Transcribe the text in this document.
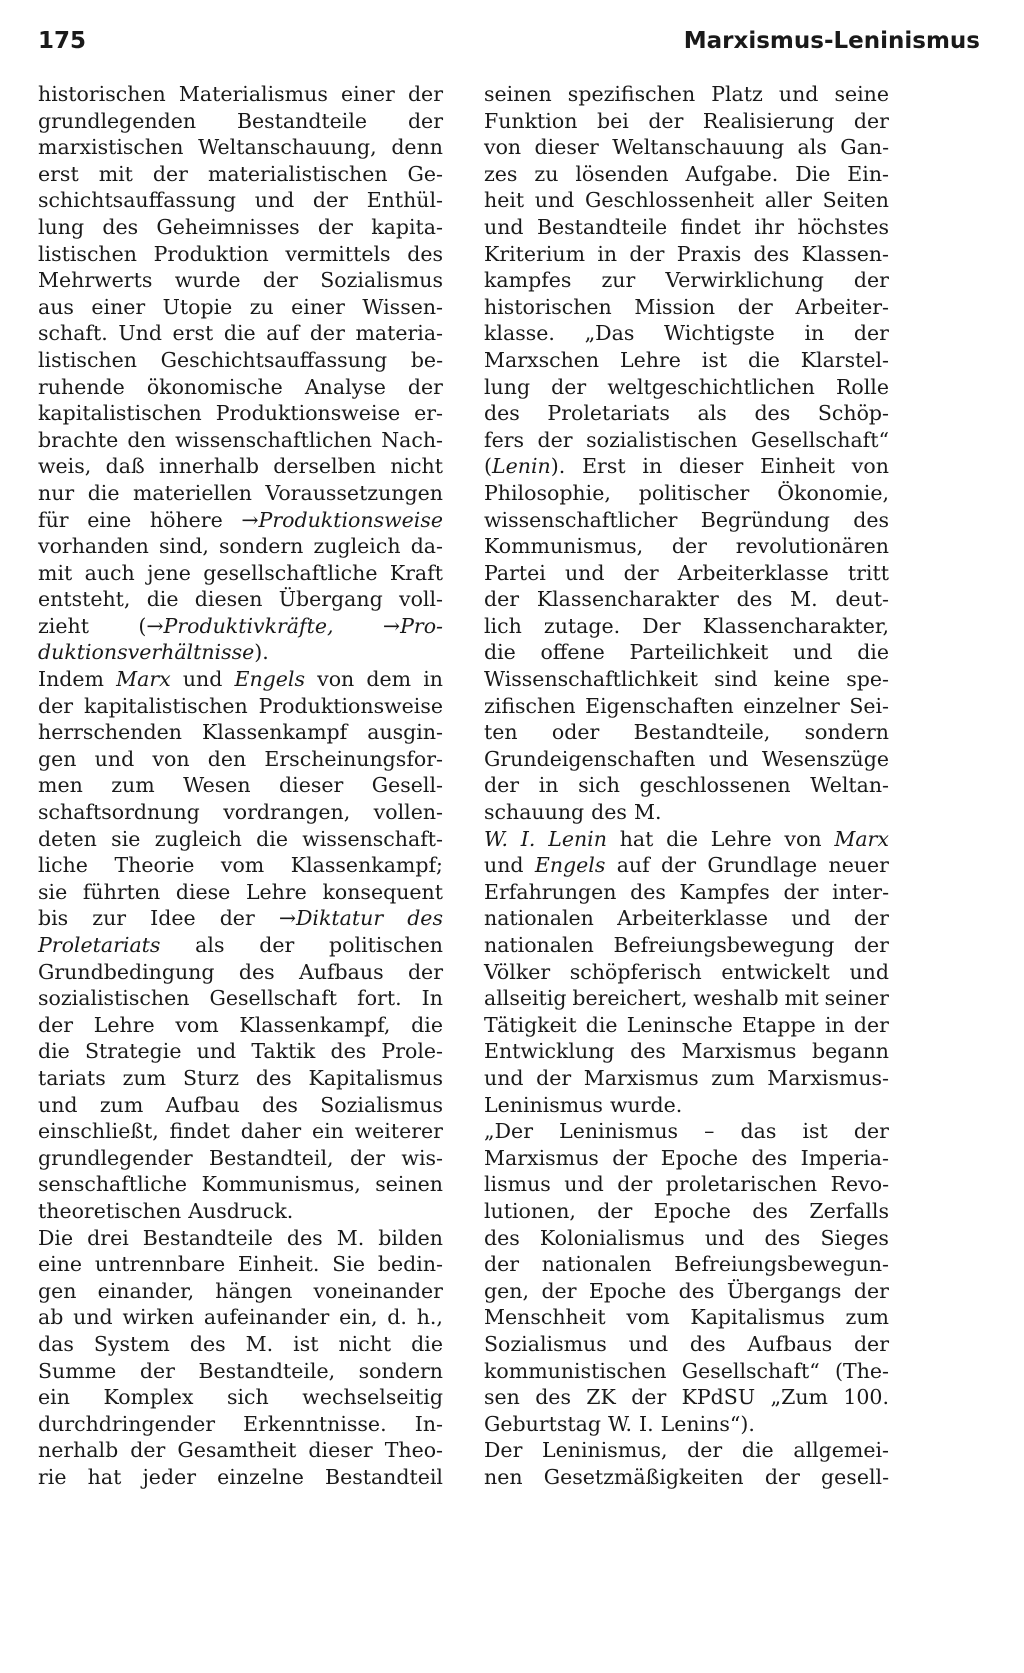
175	Marxismus-Leninismus
historischen Materialismus einer der
grundlegenden Bestandteile der
marxistischen Weltanschauung, denn
erst mit der materialistischen Ge-
schichtsauffassung und der Enthül-
lung des Geheimnisses der kapita-
listischen Produktion vermittels des
Mehrwerts wurde der Sozialismus
aus einer Utopie zu einer Wissen-
schaft. Und erst die auf der materia-
listischen Geschichtsauffassung be-
ruhende ökonomische Analyse der
kapitalistischen Produktionsweise er-
brachte den wissenschaftlichen Nach-
weis, daß innerhalb derselben nicht
nur die materiellen Voraussetzungen
für eine höhere →Produktionsweise
vorhanden sind, sondern zugleich da-
mit auch jene gesellschaftliche Kraft
entsteht, die diesen Übergang voll-
zieht (→Produktivkräfte, →Pro-
duktionsverhältnisse).
Indem Marx und Engels von dem in
der kapitalistischen Produktionsweise
herrschenden Klassenkampf ausgin-
gen und von den Erscheinungsfor-
men zum Wesen dieser Gesell-
schaftsordnung vordrangen, vollen-
deten sie zugleich die wissenschaft-
liche Theorie vom Klassenkampf;
sie führten diese Lehre konsequent
bis zur Idee der →Diktatur des
Proletariats als der politischen
Grundbedingung des Aufbaus der
sozialistischen Gesellschaft fort. In
der Lehre vom Klassenkampf, die
die Strategie und Taktik des Prole-
tariats zum Sturz des Kapitalismus
und zum Aufbau des Sozialismus
einschließt, findet daher ein weiterer
grundlegender Bestandteil, der wis-
senschaftliche Kommunismus, seinen
theoretischen Ausdruck.
Die drei Bestandteile des M. bilden
eine untrennbare Einheit. Sie bedin-
gen einander, hängen voneinander
ab und wirken aufeinander ein, d. h.,
das System des M. ist nicht die
Summe der Bestandteile, sondern
ein Komplex sich wechselseitig
durchdringender Erkenntnisse. In-
nerhalb der Gesamtheit dieser Theo-
rie hat jeder einzelne Bestandteil
seinen spezifischen Platz und seine
Funktion bei der Realisierung der
von dieser Weltanschauung als Gan-
zes zu lösenden Aufgabe. Die Ein-
heit und Geschlossenheit aller Seiten
und Bestandteile findet ihr höchstes
Kriterium in der Praxis des Klassen-
kampfes zur Verwirklichung der
historischen Mission der Arbeiter-
klasse. „Das Wichtigste in der
Marxschen Lehre ist die Klarstel-
lung der weltgeschichtlichen Rolle
des Proletariats als des Schöp-
fers der sozialistischen Gesellschaft“
(Lenin). Erst in dieser Einheit von
Philosophie, politischer Ökonomie,
wissenschaftlicher Begründung des
Kommunismus, der revolutionären
Partei und der Arbeiterklasse tritt
der Klassencharakter des M. deut-
lich zutage. Der Klassencharakter,
die offene Parteilichkeit und die
Wissenschaftlichkeit sind keine spe-
zifischen Eigenschaften einzelner Sei-
ten oder Bestandteile, sondern
Grundeigenschaften und Wesenszüge
der in sich geschlossenen Weltan-
schauung des M.
W. I. Lenin hat die Lehre von Marx
und Engels auf der Grundlage neuer
Erfahrungen des Kampfes der inter-
nationalen Arbeiterklasse und der
nationalen Befreiungsbewegung der
Völker schöpferisch entwickelt und
allseitig bereichert, weshalb mit seiner
Tätigkeit die Leninsche Etappe in der
Entwicklung des Marxismus begann
und der Marxismus zum Marxismus-
Leninismus wurde.
„Der Leninismus – das ist der
Marxismus der Epoche des Imperia-
lismus und der proletarischen Revo-
lutionen, der Epoche des Zerfalls
des Kolonialismus und des Sieges
der nationalen Befreiungsbewegun-
gen, der Epoche des Übergangs der
Menschheit vom Kapitalismus zum
Sozialismus und des Aufbaus der
kommunistischen Gesellschaft“ (The-
sen des ZK der KPdSU „Zum 100.
Geburtstag W. I. Lenins“).
Der Leninismus, der die allgemei-
nen Gesetzmäßigkeiten der gesell-
